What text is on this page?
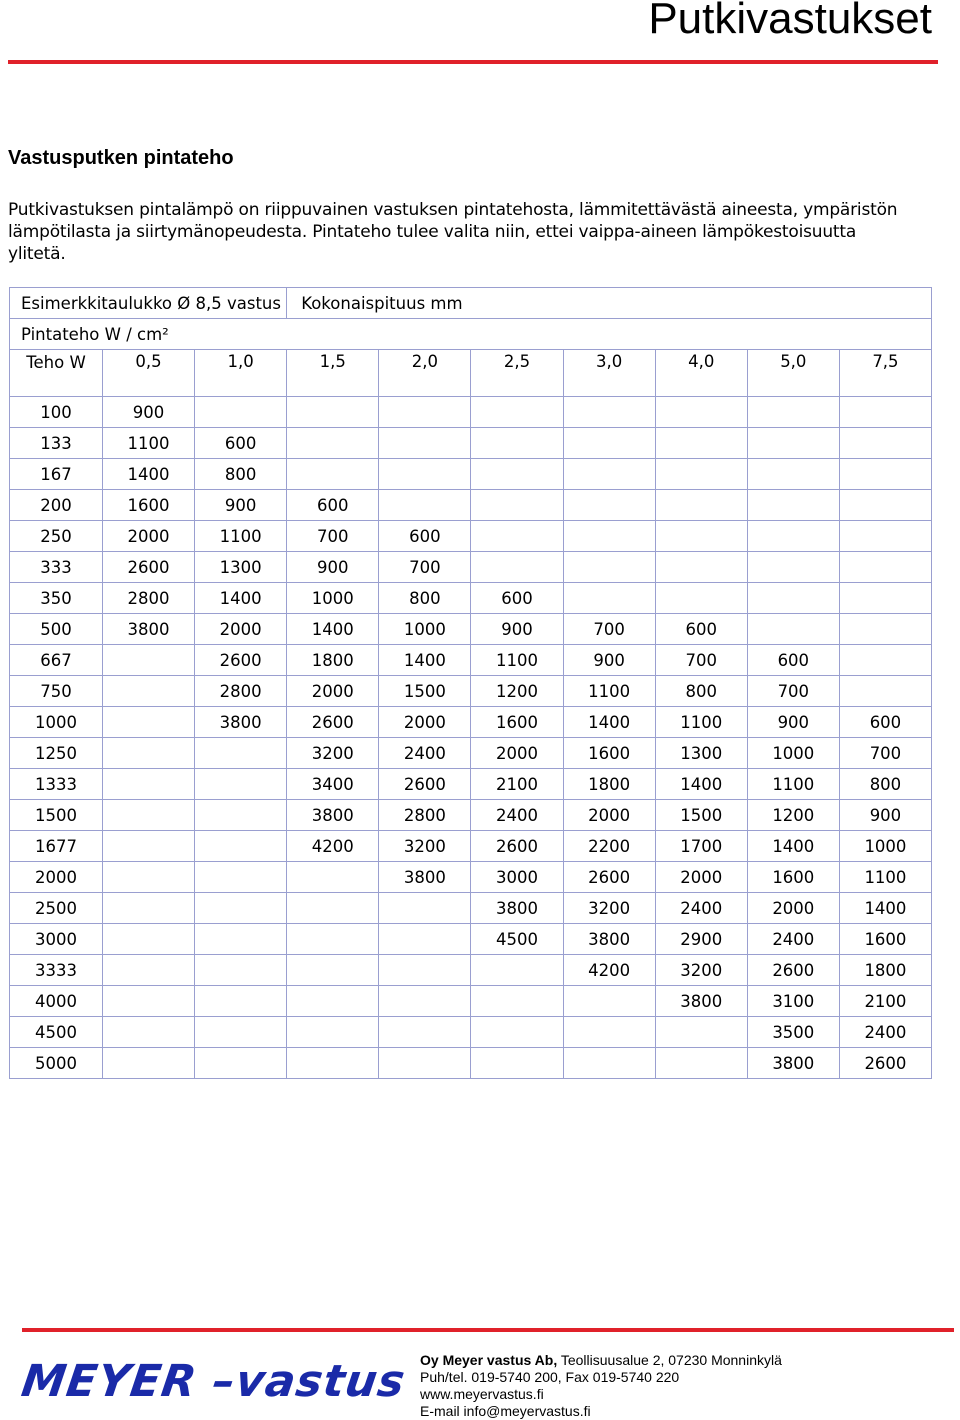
Putkivastukset
Vastusputken pintateho

Putkivastuksen pintalämpö on riippuvainen vastuksen pintatehosta, lämmitettävästä aineesta, ympäristön lämpötilasta ja siirtymänopeudesta. Pintateho tulee valita niin, ettei vaippa-aineen lämpökestoisuutta ylitetä.

Esimerkkitaulukko Ø 8,5 vastus			Kokonaispituus mm						
Pintateho W / cm²									
Teho W	0,5	1,0	1,5	2,0	2,5	3,0	4,0	5,0	7,5
100	900								
133	1100	600							
167	1400	800							
200	1600	900	600						
250	2000	1100	700	600					
333	2600	1300	900	700					
350	2800	1400	1000	800	600				
500	3800	2000	1400	1000	900	700	600		
667		2600	1800	1400	1100	900	700	600	
750		2800	2000	1500	1200	1100	800	700	
1000		3800	2600	2000	1600	1400	1100	900	600
1250			3200	2400	2000	1600	1300	1000	700
1333			3400	2600	2100	1800	1400	1100	800
1500			3800	2800	2400	2000	1500	1200	900
1677			4200	3200	2600	2200	1700	1400	1000
2000				3800	3000	2600	2000	1600	1100
2500					3800	3200	2400	2000	1400
3000					4500	3800	2900	2400	1600
3333						4200	3200	2600	1800
4000							3800	3100	2100
4500								3500	2400
5000								3800	2600
MEYER –vastus Oy Meyer vastus Ab, Teollisuusalue 2, 07230 Monninkylä
Puh/tel. 019-5740 200, Fax 019-5740 220
www.meyervastus.fi
E-mail info@meyervastus.fi
